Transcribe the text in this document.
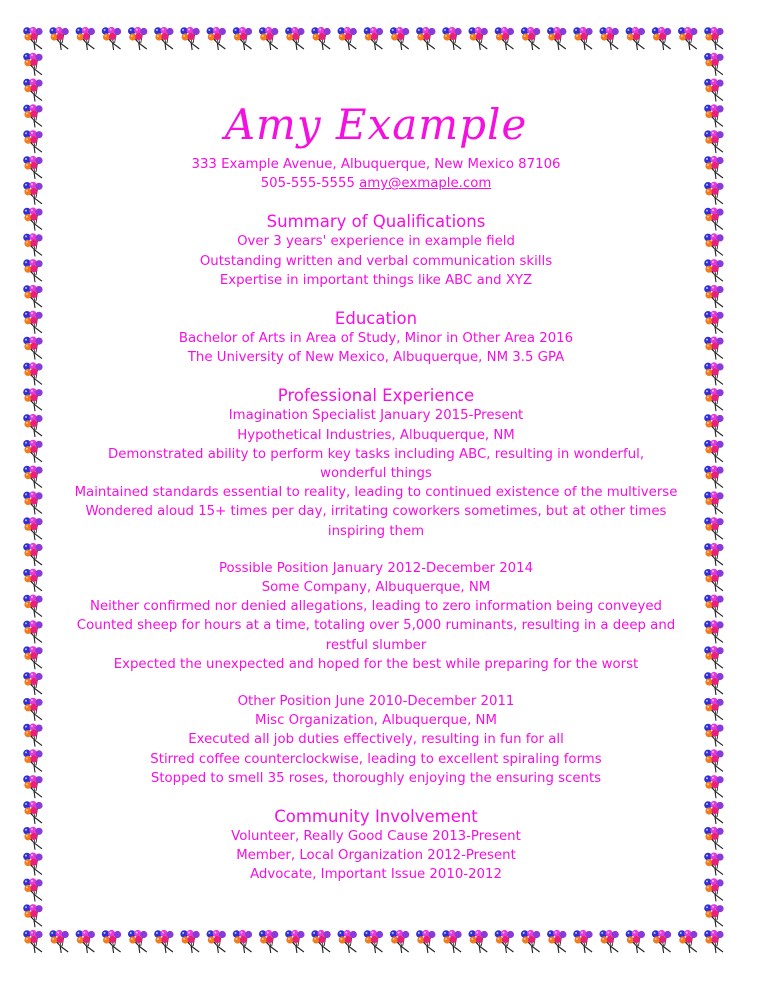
Amy Example
333 Example Avenue, Albuquerque, New Mexico 87106
505-555-5555 amy@exmaple.com
Summary of Qualifications
Over 3 years' experience in example field
Outstanding written and verbal communication skills
Expertise in important things like ABC and XYZ
Education
Bachelor of Arts in Area of Study, Minor in Other Area 2016
The University of New Mexico, Albuquerque, NM 3.5 GPA
Professional Experience
Imagination Specialist January 2015-Present
Hypothetical Industries, Albuquerque, NM
Demonstrated ability to perform key tasks including ABC, resulting in wonderful,
wonderful things
Maintained standards essential to reality, leading to continued existence of the multiverse
Wondered aloud 15+ times per day, irritating coworkers sometimes, but at other times
inspiring them
Possible Position January 2012-December 2014
Some Company, Albuquerque, NM
Neither confirmed nor denied allegations, leading to zero information being conveyed
Counted sheep for hours at a time, totaling over 5,000 ruminants, resulting in a deep and
restful slumber
Expected the unexpected and hoped for the best while preparing for the worst
Other Position June 2010-December 2011
Misc Organization, Albuquerque, NM
Executed all job duties effectively, resulting in fun for all
Stirred coffee counterclockwise, leading to excellent spiraling forms
Stopped to smell 35 roses, thoroughly enjoying the ensuring scents
Community Involvement
Volunteer, Really Good Cause 2013-Present
Member, Local Organization 2012-Present
Advocate, Important Issue 2010-2012
